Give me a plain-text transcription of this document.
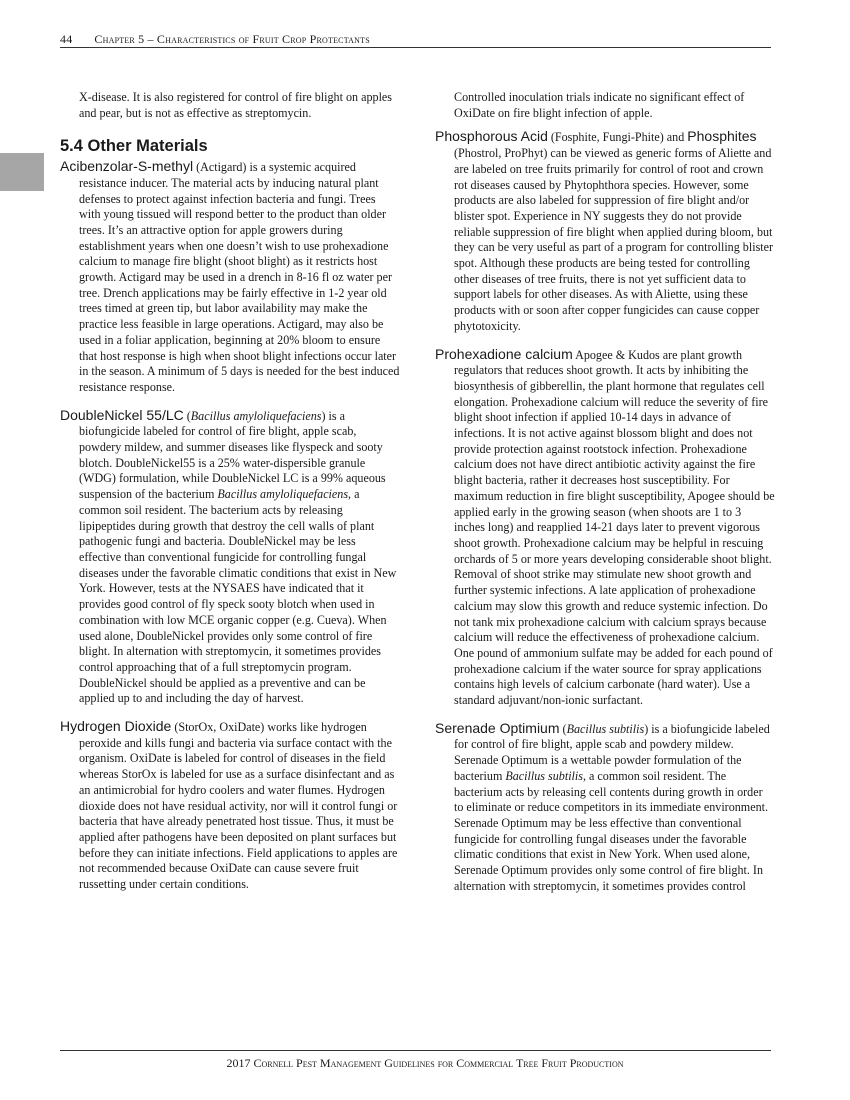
44 Chapter 5 – Characteristics of Fruit Crop Protectants

X-disease. It is also registered for control of fire blight on apples and pear, but is not as effective as streptomycin.

5.4 Other Materials

Acibenzolar-S-methyl (Actigard) is a systemic acquired resistance inducer. The material acts by inducing natural plant defenses to protect against infection bacteria and fungi. Trees with young tissued will respond better to the product than older trees. It’s an attractive option for apple growers during establishment years when one doesn’t wish to use prohexadione calcium to manage fire blight (shoot blight) as it restricts host growth. Actigard may be used in a drench in 8-16 fl oz water per tree. Drench applications may be fairly effective in 1-2 year old trees timed at green tip, but labor availability may make the practice less feasible in large operations. Actigard, may also be used in a foliar application, beginning at 20% bloom to ensure that host response is high when shoot blight infections occur later in the season. A minimum of 5 days is needed for the best induced resistance response.

DoubleNickel 55/LC (Bacillus amyloliquefaciens) is a biofungicide labeled for control of fire blight, apple scab, powdery mildew, and summer diseases like flyspeck and sooty blotch. DoubleNickel55 is a 25% water-dispersible granule (WDG) formulation, while DoubleNickel LC is a 99% aqueous suspension of the bacterium Bacillus amyloliquefaciens, a common soil resident. The bacterium acts by releasing lipipeptides during growth that destroy the cell walls of plant pathogenic fungi and bacteria. DoubleNickel may be less effective than conventional fungicide for controlling fungal diseases under the favorable climatic conditions that exist in New York. However, tests at the NYSAES have indicated that it provides good control of fly speck sooty blotch when used in combination with low MCE organic copper (e.g. Cueva). When used alone, DoubleNickel provides only some control of fire blight. In alternation with streptomycin, it sometimes provides control approaching that of a full streptomycin program. DoubleNickel should be applied as a preventive and can be applied up to and including the day of harvest.

Hydrogen Dioxide (StorOx, OxiDate) works like hydrogen peroxide and kills fungi and bacteria via surface contact with the organism. OxiDate is labeled for control of diseases in the field whereas StorOx is labeled for use as a surface disinfectant and as an antimicrobial for hydro coolers and water flumes. Hydrogen dioxide does not have residual activity, nor will it control fungi or bacteria that have already penetrated host tissue. Thus, it must be applied after pathogens have been deposited on plant surfaces but before they can initiate infections. Field applications to apples are not recommended because OxiDate can cause severe fruit russetting under certain conditions.

Controlled inoculation trials indicate no significant effect of OxiDate on fire blight infection of apple.

Phosphorous Acid (Fosphite, Fungi-Phite) and Phosphites (Phostrol, ProPhyt) can be viewed as generic forms of Aliette and are labeled on tree fruits primarily for control of root and crown rot diseases caused by Phytophthora species. However, some products are also labeled for suppression of fire blight and/or blister spot. Experience in NY suggests they do not provide reliable suppression of fire blight when applied during bloom, but they can be very useful as part of a program for controlling blister spot. Although these products are being tested for controlling other diseases of tree fruits, there is not yet sufficient data to support labels for other diseases. As with Aliette, using these products with or soon after copper fungicides can cause copper phytotoxicity.

Prohexadione calcium Apogee & Kudos are plant growth regulators that reduces shoot growth. It acts by inhibiting the biosynthesis of gibberellin, the plant hormone that regulates cell elongation. Prohexadione calcium will reduce the severity of fire blight shoot infection if applied 10-14 days in advance of infections. It is not active against blossom blight and does not provide protection against rootstock infection. Prohexadione calcium does not have direct antibiotic activity against the fire blight bacteria, rather it decreases host susceptibility. For maximum reduction in fire blight susceptibility, Apogee should be applied early in the growing season (when shoots are 1 to 3 inches long) and reapplied 14-21 days later to prevent vigorous shoot growth. Prohexadione calcium may be helpful in rescuing orchards of 5 or more years developing considerable shoot blight. Removal of shoot strike may stimulate new shoot growth and further systemic infections. A late application of prohexadione calcium may slow this growth and reduce systemic infection. Do not tank mix prohexadione calcium with calcium sprays because calcium will reduce the effectiveness of prohexadione calcium. One pound of ammonium sulfate may be added for each pound of prohexadione calcium if the water source for spray applications contains high levels of calcium carbonate (hard water). Use a standard adjuvant/non-ionic surfactant.

Serenade Optimium (Bacillus subtilis) is a biofungicide labeled for control of fire blight, apple scab and powdery mildew. Serenade Optimum is a wettable powder formulation of the bacterium Bacillus subtilis, a common soil resident. The bacterium acts by releasing cell contents during growth in order to eliminate or reduce competitors in its immediate environment. Serenade Optimum may be less effective than conventional fungicide for controlling fungal diseases under the favorable climatic conditions that exist in New York. When used alone, Serenade Optimum provides only some control of fire blight. In alternation with streptomycin, it sometimes provides control

2017 Cornell Pest Management Guidelines for Commercial Tree Fruit Production
